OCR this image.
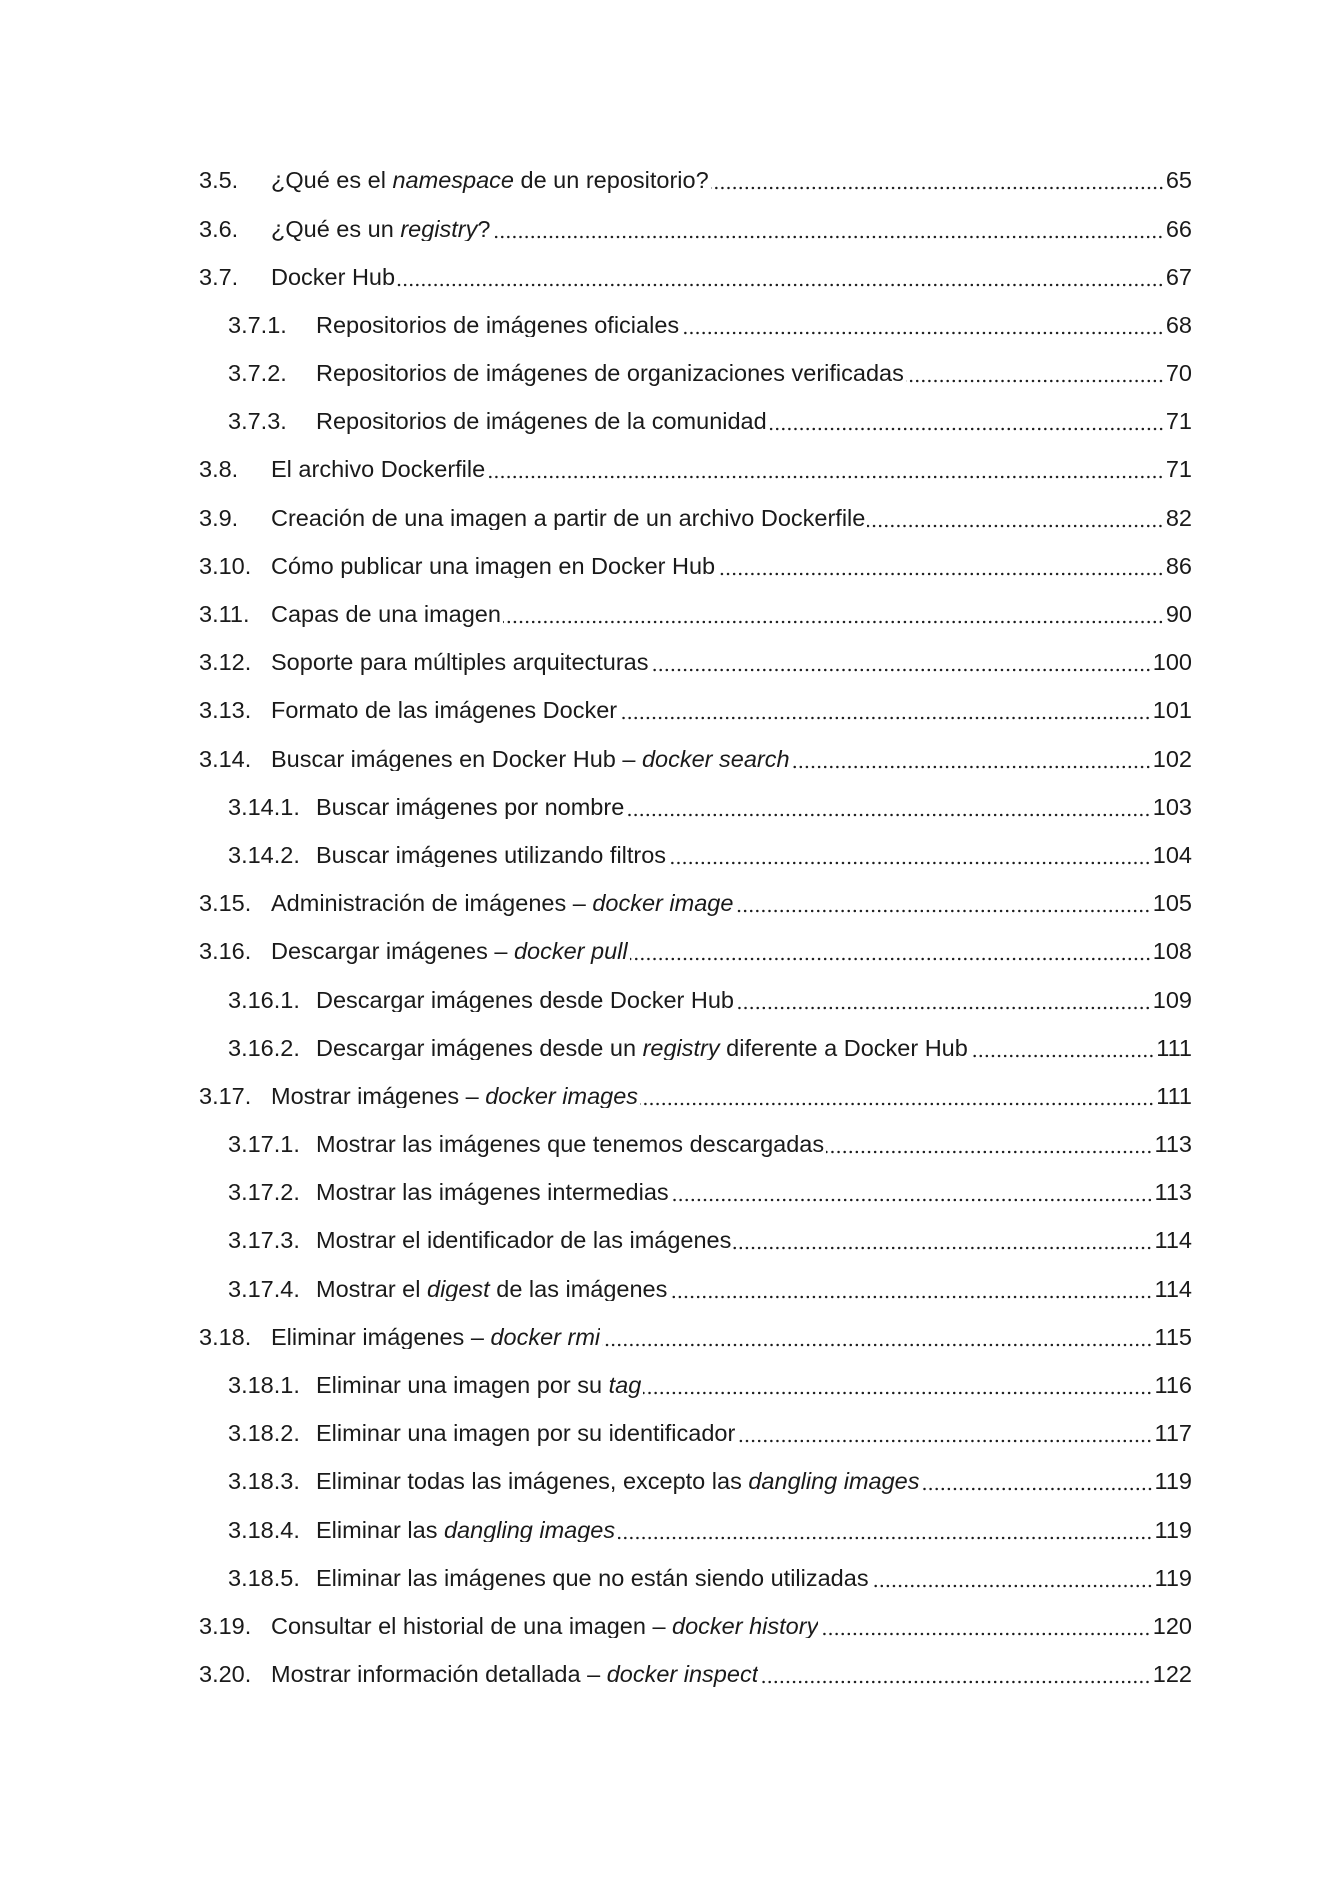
3.5.	¿Qué es el namespace de un repositorio?	65
3.6.	¿Qué es un registry?	66
3.7.	Docker Hub	67
3.7.1.	Repositorios de imágenes oficiales	68
3.7.2.	Repositorios de imágenes de organizaciones verificadas	70
3.7.3.	Repositorios de imágenes de la comunidad	71
3.8.	El archivo Dockerfile	71
3.9.	Creación de una imagen a partir de un archivo Dockerfile	82
3.10. Cómo publicar una imagen en Docker Hub	86
3.11. Capas de una imagen	90
3.12. Soporte para múltiples arquitecturas	100
3.13. Formato de las imágenes Docker	101
3.14. Buscar imágenes en Docker Hub – docker search	102
3.14.1. Buscar imágenes por nombre	103
3.14.2. Buscar imágenes utilizando filtros	104
3.15. Administración de imágenes – docker image	105
3.16. Descargar imágenes – docker pull	108
3.16.1. Descargar imágenes desde Docker Hub	109
3.16.2. Descargar imágenes desde un registry diferente a Docker Hub	111
3.17. Mostrar imágenes – docker images	111
3.17.1. Mostrar las imágenes que tenemos descargadas	113
3.17.2. Mostrar las imágenes intermedias	113
3.17.3. Mostrar el identificador de las imágenes	114
3.17.4. Mostrar el digest de las imágenes	114
3.18. Eliminar imágenes – docker rmi	115
3.18.1. Eliminar una imagen por su tag	116
3.18.2. Eliminar una imagen por su identificador	117
3.18.3. Eliminar todas las imágenes, excepto las dangling images	119
3.18.4. Eliminar las dangling images	119
3.18.5. Eliminar las imágenes que no están siendo utilizadas	119
3.19. Consultar el historial de una imagen – docker history	120
3.20. Mostrar información detallada – docker inspect	122
